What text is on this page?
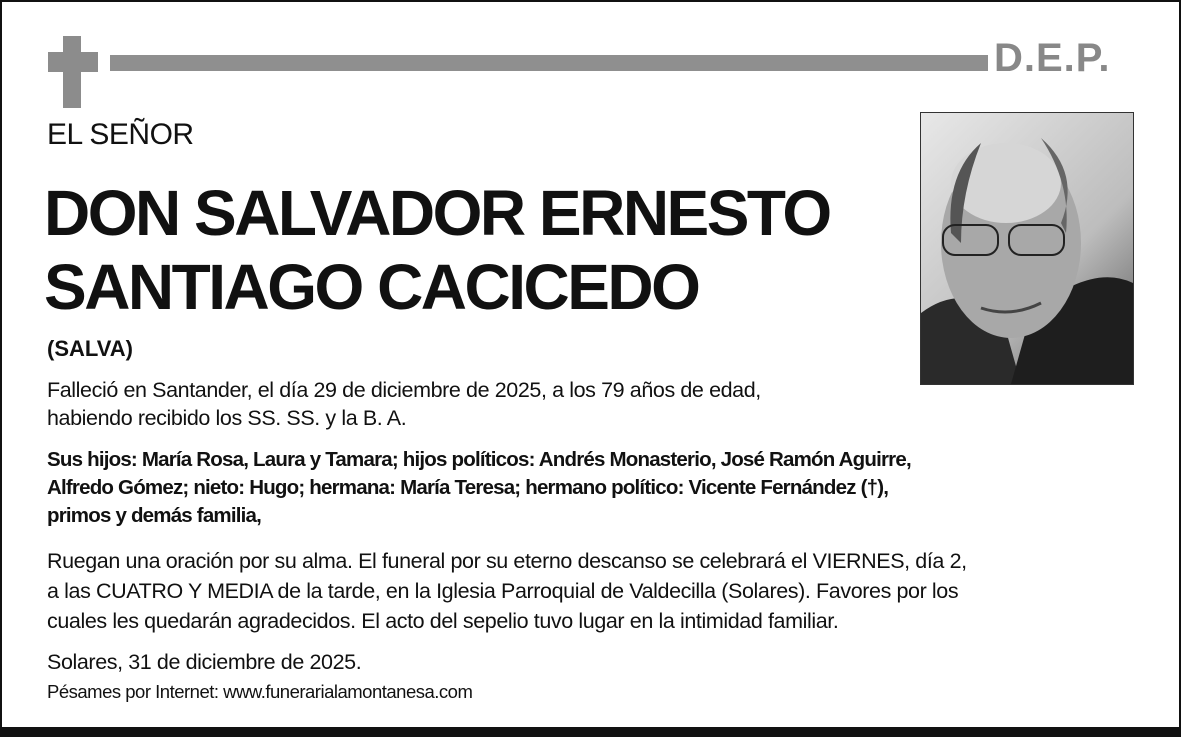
D.E.P.
EL SEÑOR
DON SALVADOR ERNESTO
SANTIAGO CACICEDO
(SALVA)
Falleció en Santander, el día 29 de diciembre de 2025, a los 79 años de edad,
habiendo recibido los SS. SS. y la B. A.
Sus hijos: María Rosa, Laura y Tamara; hijos políticos: Andrés Monasterio, José Ramón Aguirre,
Alfredo Gómez; nieto: Hugo; hermana: María Teresa; hermano político: Vicente Fernández (†),
primos y demás familia,
Ruegan una oración por su alma. El funeral por su eterno descanso se celebrará el VIERNES, día 2,
a las CUATRO Y MEDIA de la tarde, en la Iglesia Parroquial de Valdecilla (Solares). Favores por los
cuales les quedarán agradecidos. El acto del sepelio tuvo lugar en la intimidad familiar.
Solares, 31 de diciembre de 2025.
Pésames por Internet: www.funerarialamontanesa.com
